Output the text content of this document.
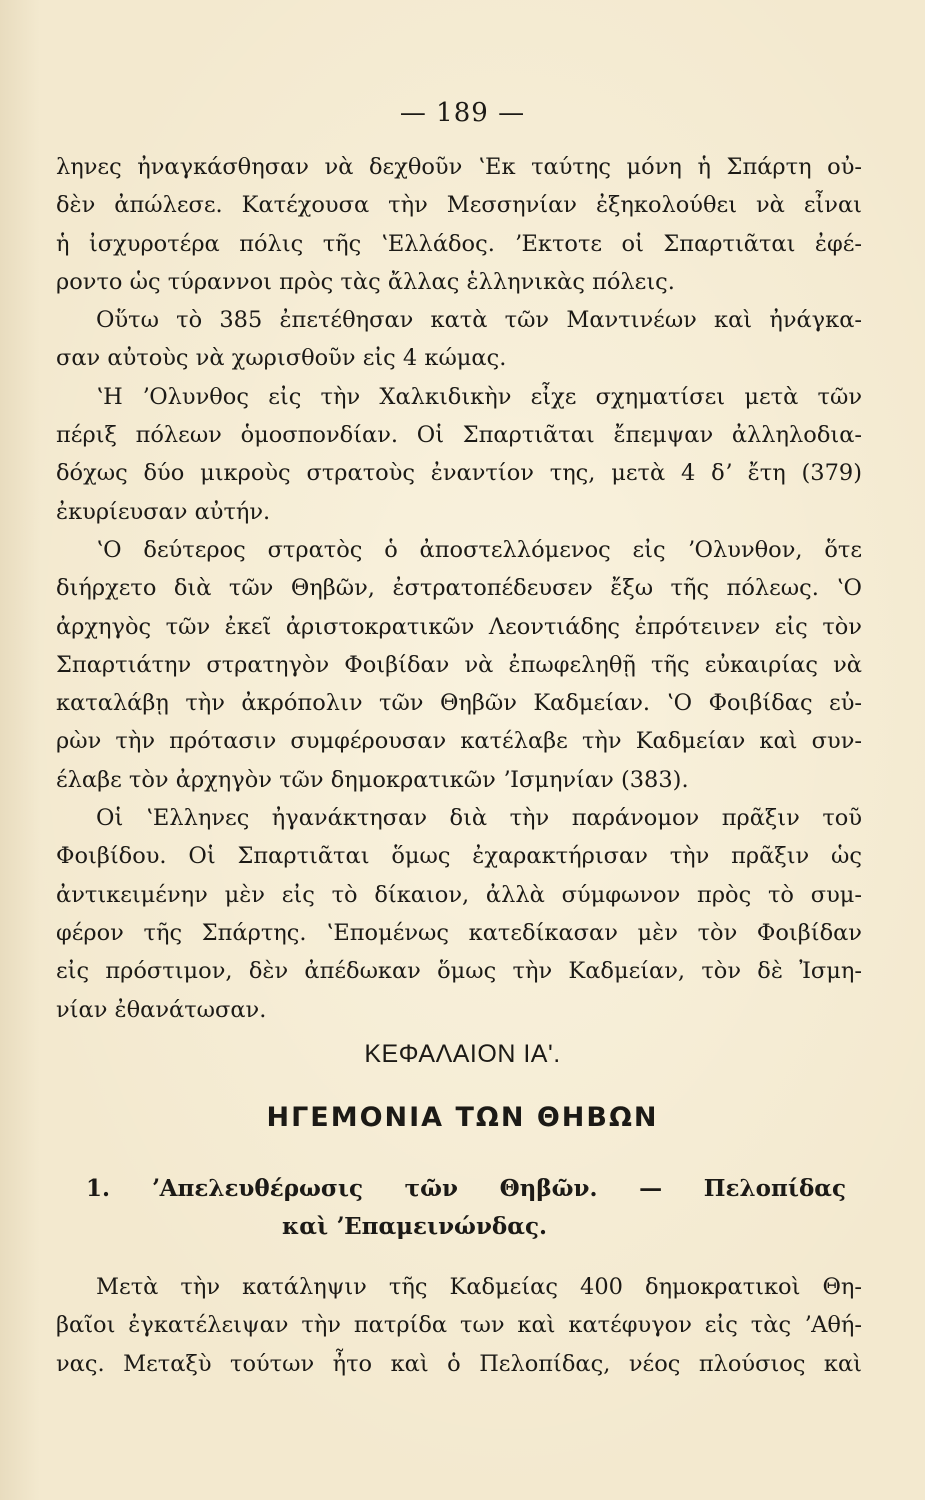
— 189 —
ληνες ἠναγκάσθησαν νὰ δεχθοῦν ʽΕκ ταύτης μόνη ἡ Σπάρτη οὐ-
δὲν ἀπώλεσε. Κατέχουσα τὴν Μεσσηνίαν ἐξηκολούθει νὰ εἶναι
ἡ ἰσχυροτέρα πόλις τῆς ʽΕλλάδος. ʼΕκτοτε οἱ Σπαρτιᾶται ἐφέ-
ροντο ὡς τύραννοι πρὸς τὰς ἄλλας ἑλληνικὰς πόλεις.
Οὕτω τὸ 385 ἐπετέθησαν κατὰ τῶν Μαντινέων καὶ ἠνάγκα-
σαν αὐτοὺς νὰ χωρισθοῦν εἰς 4 κώμας.
ʽΗ ʼΟλυνθος εἰς τὴν Χαλκιδικὴν εἶχε σχηματίσει μετὰ τῶν
πέριξ πόλεων ὁμοσπονδίαν. Οἱ Σπαρτιᾶται ἔπεμψαν ἀλληλοδια-
δόχως δύο μικροὺς στρατοὺς ἐναντίον της, μετὰ 4 δʼ ἔτη (379)
ἐκυρίευσαν αὐτήν.
ʽΟ δεύτερος στρατὸς ὁ ἀποστελλόμενος εἰς ʼΟλυνθον, ὅτε
διήρχετο διὰ τῶν Θηβῶν, ἐστρατοπέδευσεν ἔξω τῆς πόλεως. ʽΟ
ἀρχηγὸς τῶν ἐκεῖ ἀριστοκρατικῶν Λεοντιάδης ἐπρότεινεν εἰς τὸν
Σπαρτιάτην στρατηγὸν Φοιβίδαν νὰ ἐπωφεληθῇ τῆς εὐκαιρίας νὰ
καταλάβῃ τὴν ἀκρόπολιν τῶν Θηβῶν Καδμείαν. ʽΟ Φοιβίδας εὐ-
ρὼν τὴν πρότασιν συμφέρουσαν κατέλαβε τὴν Καδμείαν καὶ συν-
έλαβε τὸν ἀρχηγὸν τῶν δημοκρατικῶν ʼΙσμηνίαν (383).
Οἱ ʽΕλληνες ἠγανάκτησαν διὰ τὴν παράνομον πρᾶξιν τοῦ
Φοιβίδου. Οἱ Σπαρτιᾶται ὅμως ἐχαρακτήρισαν τὴν πρᾶξιν ὡς
ἀντικειμένην μὲν εἰς τὸ δίκαιον, ἀλλὰ σύμφωνον πρὸς τὸ συμ-
φέρον τῆς Σπάρτης. ʽΕπομένως κατεδίκασαν μὲν τὸν Φοιβίδαν
εἰς πρόστιμον, δὲν ἀπέδωκαν ὅμως τὴν Καδμείαν, τὸν δὲ Ἰσμη-
νίαν ἐθανάτωσαν.
ΚΕΦΑΛΑΙΟΝ ΙΑʹ.
ΗΓΕΜΟΝΙΑ ΤΩΝ ΘΗΒΩΝ
1. ʼΑπελευθέρωσις τῶν Θηβῶν. — Πελοπίδας
καὶ ʼΕπαμεινώνδας.
Μετὰ τὴν κατάληψιν τῆς Καδμείας 400 δημοκρατικοὶ Θη-
βαῖοι ἐγκατέλειψαν τὴν πατρίδα των καὶ κατέφυγον εἰς τὰς ʼΑθή-
νας. Μεταξὺ τούτων ἦτο καὶ ὁ Πελοπίδας, νέος πλούσιος καὶ
